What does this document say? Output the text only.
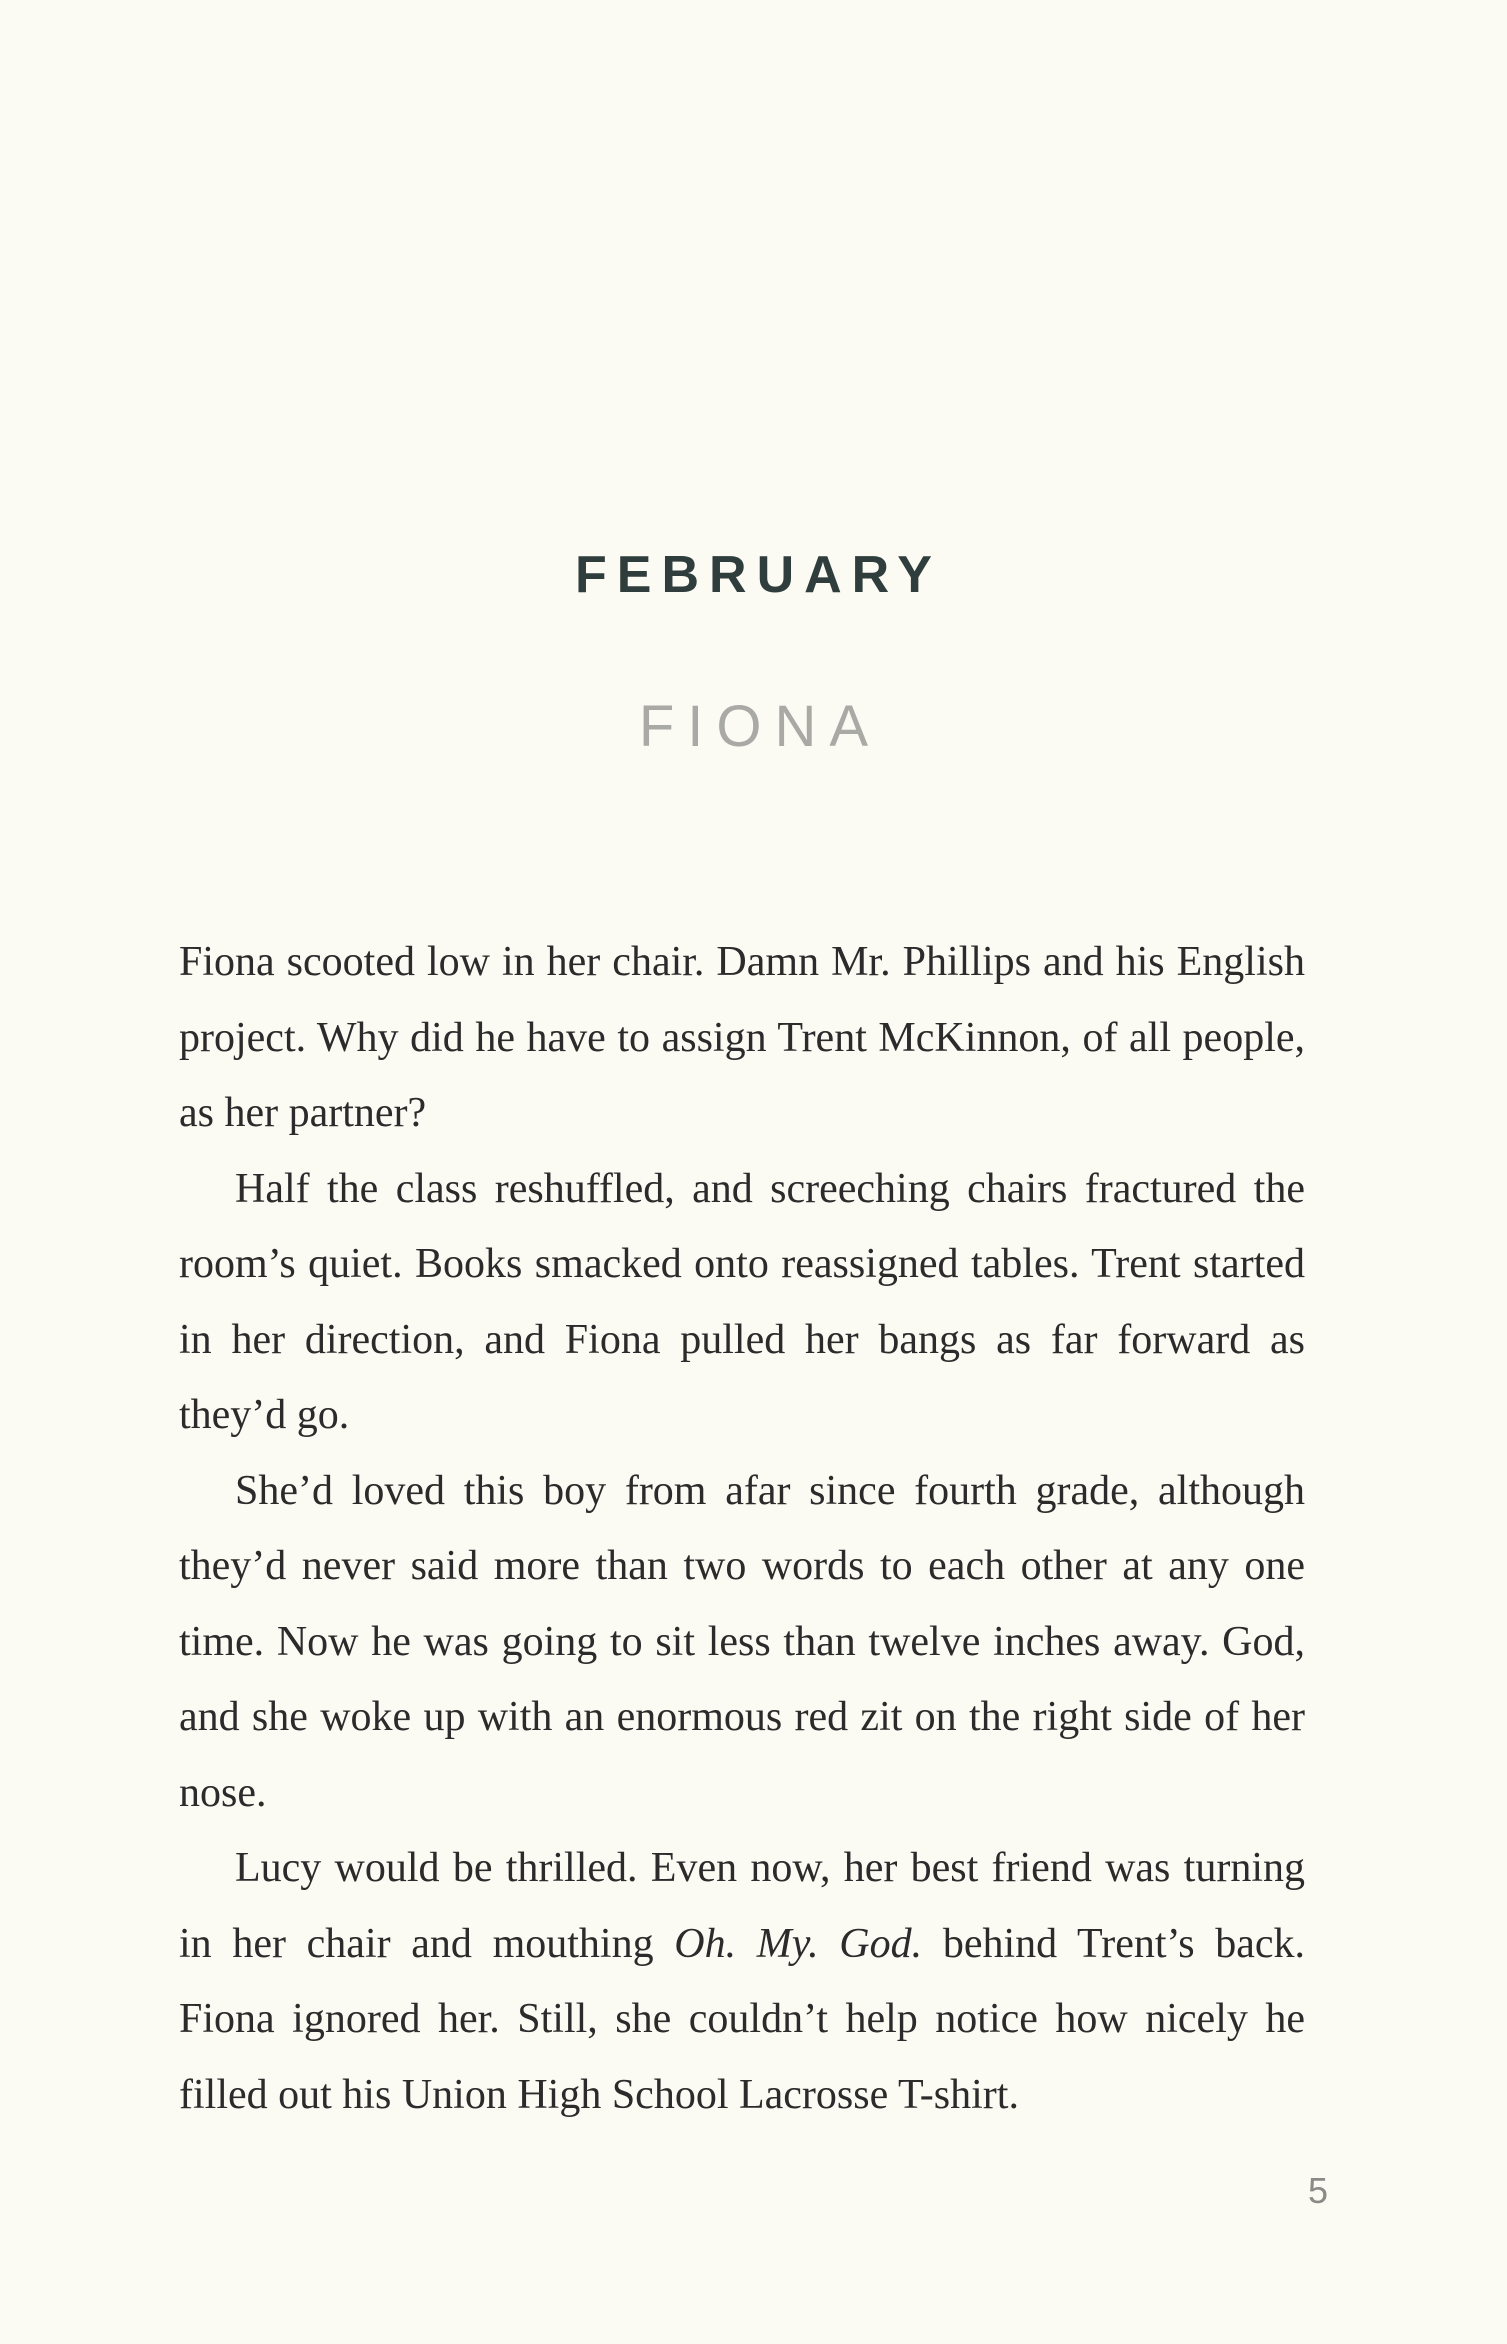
FEBRUARY
FIONA

Fiona scooted low in her chair. Damn Mr. Phillips and his English project. Why did he have to assign Trent McKinnon, of all people, as her partner?

Half the class reshuffled, and screeching chairs fractured the room’s quiet. Books smacked onto reassigned tables. Trent started in her direction, and Fiona pulled her bangs as far forward as they’d go.

She’d loved this boy from afar since fourth grade, although they’d never said more than two words to each other at any one time. Now he was going to sit less than twelve inches away. God, and she woke up with an enormous red zit on the right side of her nose.

Lucy would be thrilled. Even now, her best friend was turning in her chair and mouthing Oh. My. God. behind Trent’s back. Fiona ignored her. Still, she couldn’t help notice how nicely he filled out his Union High School Lacrosse T-shirt.

5
